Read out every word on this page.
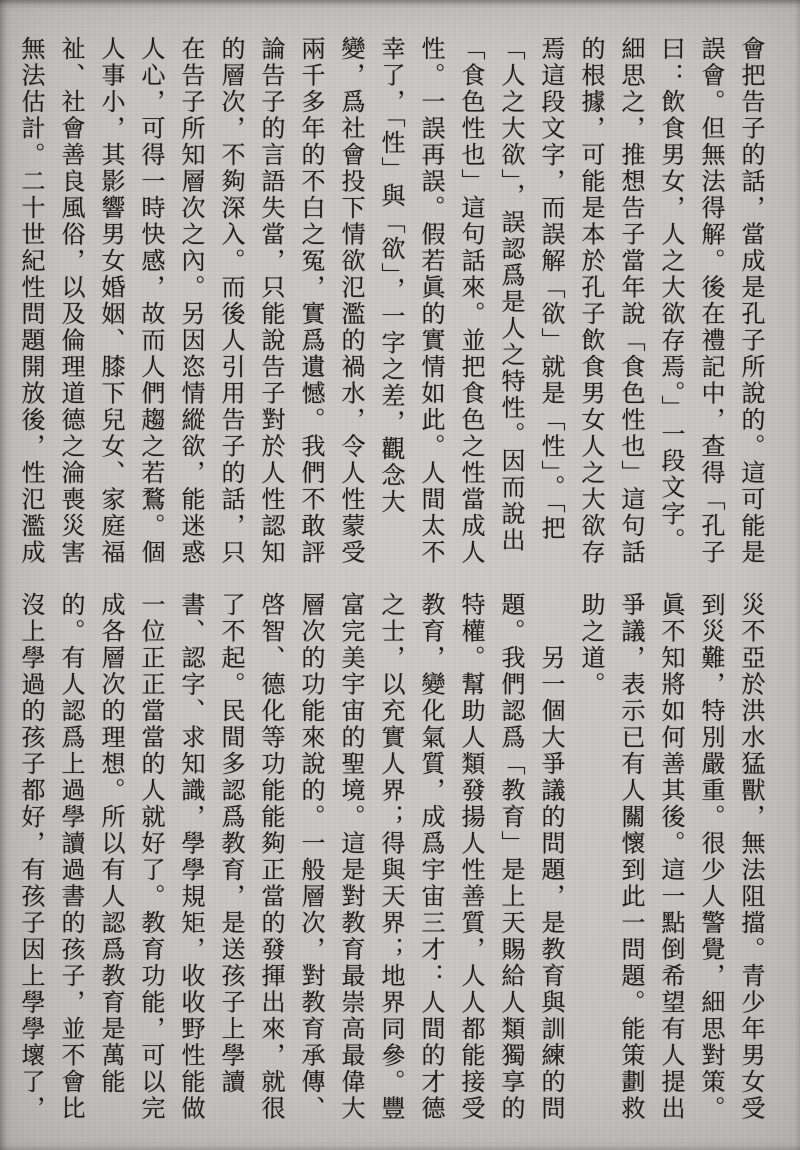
會把告子的話，當成是孔子所說的。這可能是
誤會。但無法得解。後在禮記中，查得「孔子
曰：飲食男女，人之大欲存焉。」一段文字。
細思之，推想告子當年說「食色性也」這句話
的根據，可能是本於孔子飲食男女人之大欲存
焉這段文字，而誤解「欲」就是「性」。「把
「人之大欲」，誤認爲是人之特性。因而說出
「食色性也」這句話來。並把食色之性當成人
性。一誤再誤。假若眞的實情如此。人間太不
幸了，「性」與「欲」，一字之差，觀念大
變，爲社會投下情欲氾濫的禍水，令人性蒙受
兩千多年的不白之冤，實爲遺憾。我們不敢評
論告子的言語失當，只能說告子對於人性認知
的層次，不夠深入。而後人引用告子的話，只
在告子所知層次之內。另因恣情縱欲，能迷惑
人心，可得一時快感，故而人們趨之若鶩。個
人事小，其影響男女婚姻、膝下兒女、家庭福
祉、社會善良風俗，以及倫理道德之淪喪災害
無法估計。二十世紀性問題開放後，性氾濫成
災不亞於洪水猛獸，無法阻擋。青少年男女受
到災難，特別嚴重。很少人警覺，細思對策。
眞不知將如何善其後。這一點倒希望有人提出
爭議，表示已有人關懷到此一問題。能策劃救
助之道。
另一個大爭議的問題，是教育與訓練的問
題。我們認爲「教育」是上天賜給人類獨享的
特權。幫助人類發揚人性善質，人人都能接受
教育，變化氣質，成爲宇宙三才：人間的才德
之士，以充實人界；得與天界；地界同參。豐
富完美宇宙的聖境。這是對教育最崇高最偉大
層次的功能來說的。一般層次，對教育承傳、
啓智、德化等功能能夠正當的發揮出來，就很
了不起。民間多認爲教育，是送孩子上學讀
書、認字、求知識，學學規矩，收收野性能做
一位正正當當的人就好了。教育功能，可以完
成各層次的理想。所以有人認爲教育是萬能
的。有人認爲上過學讀過書的孩子，並不會比
沒上學過的孩子都好，有孩子因上學學壞了，
